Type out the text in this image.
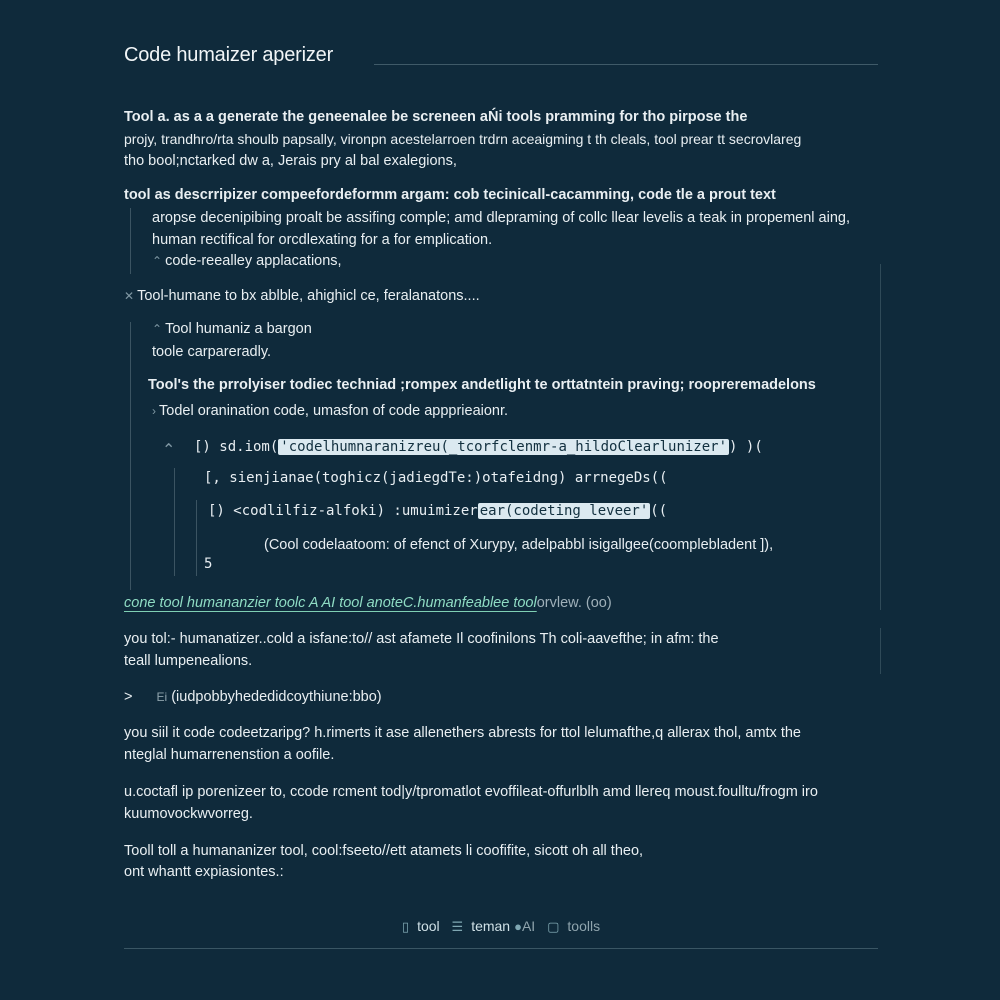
Code humaizer aperizer
Tool a. as a a generate the geneenalee be screneen aŃi tools pramming for tho pirpose the
projy, trandhro/rta shoulb papsally, vironpn acestelarroen trdrn aceaigming t th cleals, tool prear tt secrovlareg
tho bool;nctarked dw a, Jerais pry al bal exalegions,
tool as descrripizer compeefordeformm argam: cob tecinicall-cacamming, code tle a prout text
aropse decenipibing proalt be assifing comple; amd dlepraming of collc llear levelis a teak in propemenl aing,
human rectifical for orcdlexating for a for emplication.
⌃ code-reealley applacations,
✕ Tool-humane to bx ablble, ahighicl ce, feralanatons....
⌃ Tool humaniz a bargon
toole carpareradly.
Tool's the prrolyiser todiec techniad ;rompex andetlight te orttatntein praving; roopreremadelons
› Todel oranination code, umasfon of code appprieaionr.
⌃ [) sd.iom( 'codelhumnaranizreu(_tcorfclenmr-a_hildoClearlunizer' ) )(
[, sienjianae(toghicz(jadiegdTe:)otafeidng) arrnegeDs((
[) <codlilfiz-alfoki) :umuimizer ear(codeting leveer' ((
(Cool codelaatoom: of efenct of Xurypy, adelpabbl isigallgee(coomplebladent ]),
5
cone tool humananzier toolc A AI tool anoteC.humanfeablee toolorvlew. (oo)
you tol:- humanatizer..cold a isfane:to// ast afamete Il coofinilons Th coli-aavefthe; in afm: the
teall lumpenealions.
> Ei (iudpobbyhededidcoythiune:bbo)
you siil it code codeetzaripg? h.rimerts it ase allenethers abrests for ttol lelumafthe,q allerax thol, amtx the
nteglal humarrenenstion a oofile.
u.coctafl ip porenizeer to, ccode rcment tod|y/tpromatlot evoffileat-offurlblh amd llereq moust.foulltu/frogm iro
kuumovockwvorreg.
Tooll toll a humananizer tool, cool:fseeto//ett atamets li coofifite, sicott oh all theo,
ont whantt expiasiontes.:
▯ tool ☰ teman ●AI ▢ toolls
